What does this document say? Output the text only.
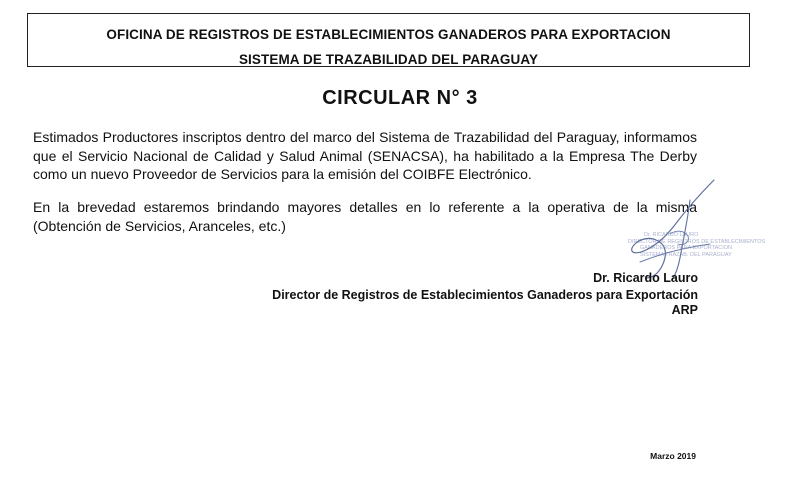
OFICINA DE REGISTROS DE ESTABLECIMIENTOS GANADEROS PARA EXPORTACION
SISTEMA DE TRAZABILIDAD DEL PARAGUAY
CIRCULAR N° 3

Estimados Productores inscriptos dentro del marco del Sistema de Trazabilidad del Paraguay, informamos que el Servicio Nacional de Calidad y Salud Animal (SENACSA), ha habilitado a la Empresa The Derby como un nuevo Proveedor de Servicios para la emisión del COIBFE Electrónico.

En la brevedad estaremos brindando mayores detalles en lo referente a la operativa de la misma (Obtención de Servicios, Aranceles, etc.)

Dr. RICARDO LAURO
DIRECTOR DE REGISTROS DE ESTABLECIMIENTOS
GANADEROS PARA EXPORTACION
SISTEMA TRAZAB. DEL PARAGUAY
Dr. Ricardo Lauro
Director de Registros de Establecimientos Ganaderos para Exportación
ARP
Marzo 2019
